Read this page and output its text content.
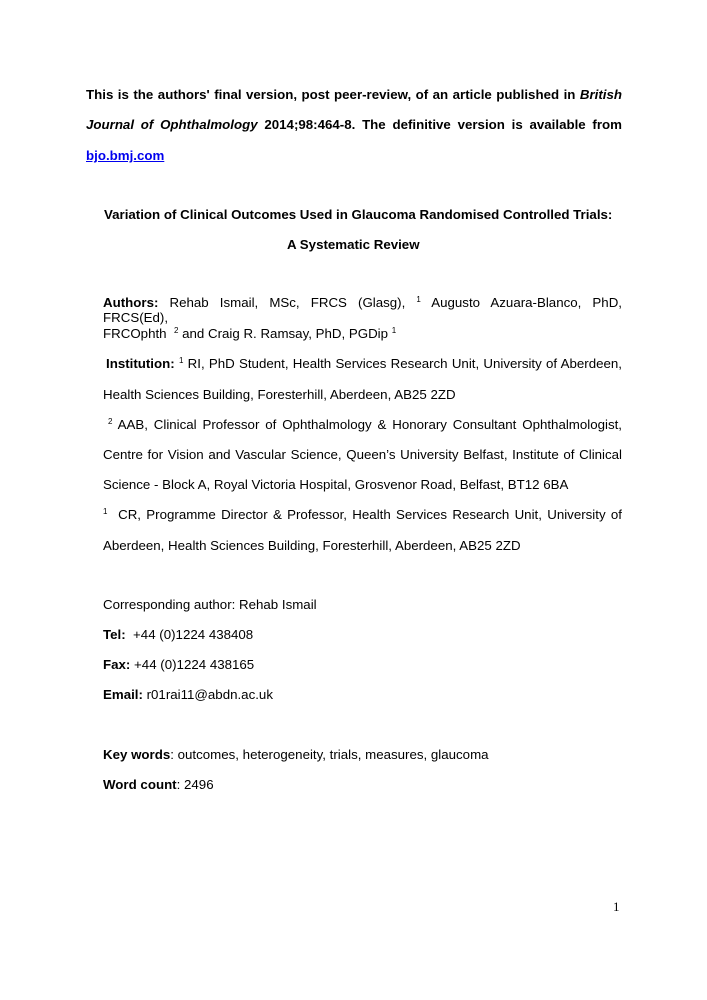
This is the authors' final version, post peer-review, of an article published in British
Journal of Ophthalmology 2014;98:464-8. The definitive version is available from
bjo.bmj.com
Variation of Clinical Outcomes Used in Glaucoma Randomised Controlled Trials:
A Systematic Review
Authors: Rehab Ismail, MSc, FRCS (Glasg), $^1$ Augusto Azuara-Blanco, PhD, FRCS(Ed),
FRCOphth $^2$ and Craig R. Ramsay, PhD, PGDip $^1$
Institution: $^1$ RI, PhD Student, Health Services Research Unit, University of Aberdeen,
Health Sciences Building, Foresterhill, Aberdeen, AB25 2ZD
$^2$ AAB, Clinical Professor of Ophthalmology & Honorary Consultant Ophthalmologist,
Centre for Vision and Vascular Science, Queen’s University Belfast, Institute of Clinical
Science - Block A, Royal Victoria Hospital, Grosvenor Road, Belfast, BT12 6BA
$^1$ CR, Programme Director & Professor, Health Services Research Unit, University of
Aberdeen, Health Sciences Building, Foresterhill, Aberdeen, AB25 2ZD
Corresponding author: Rehab Ismail
Tel: +44 (0)1224 438408
Fax: +44 (0)1224 438165
Email: r01rai11@abdn.ac.uk
Key words: outcomes, heterogeneity, trials, measures, glaucoma
Word count: 2496
1
